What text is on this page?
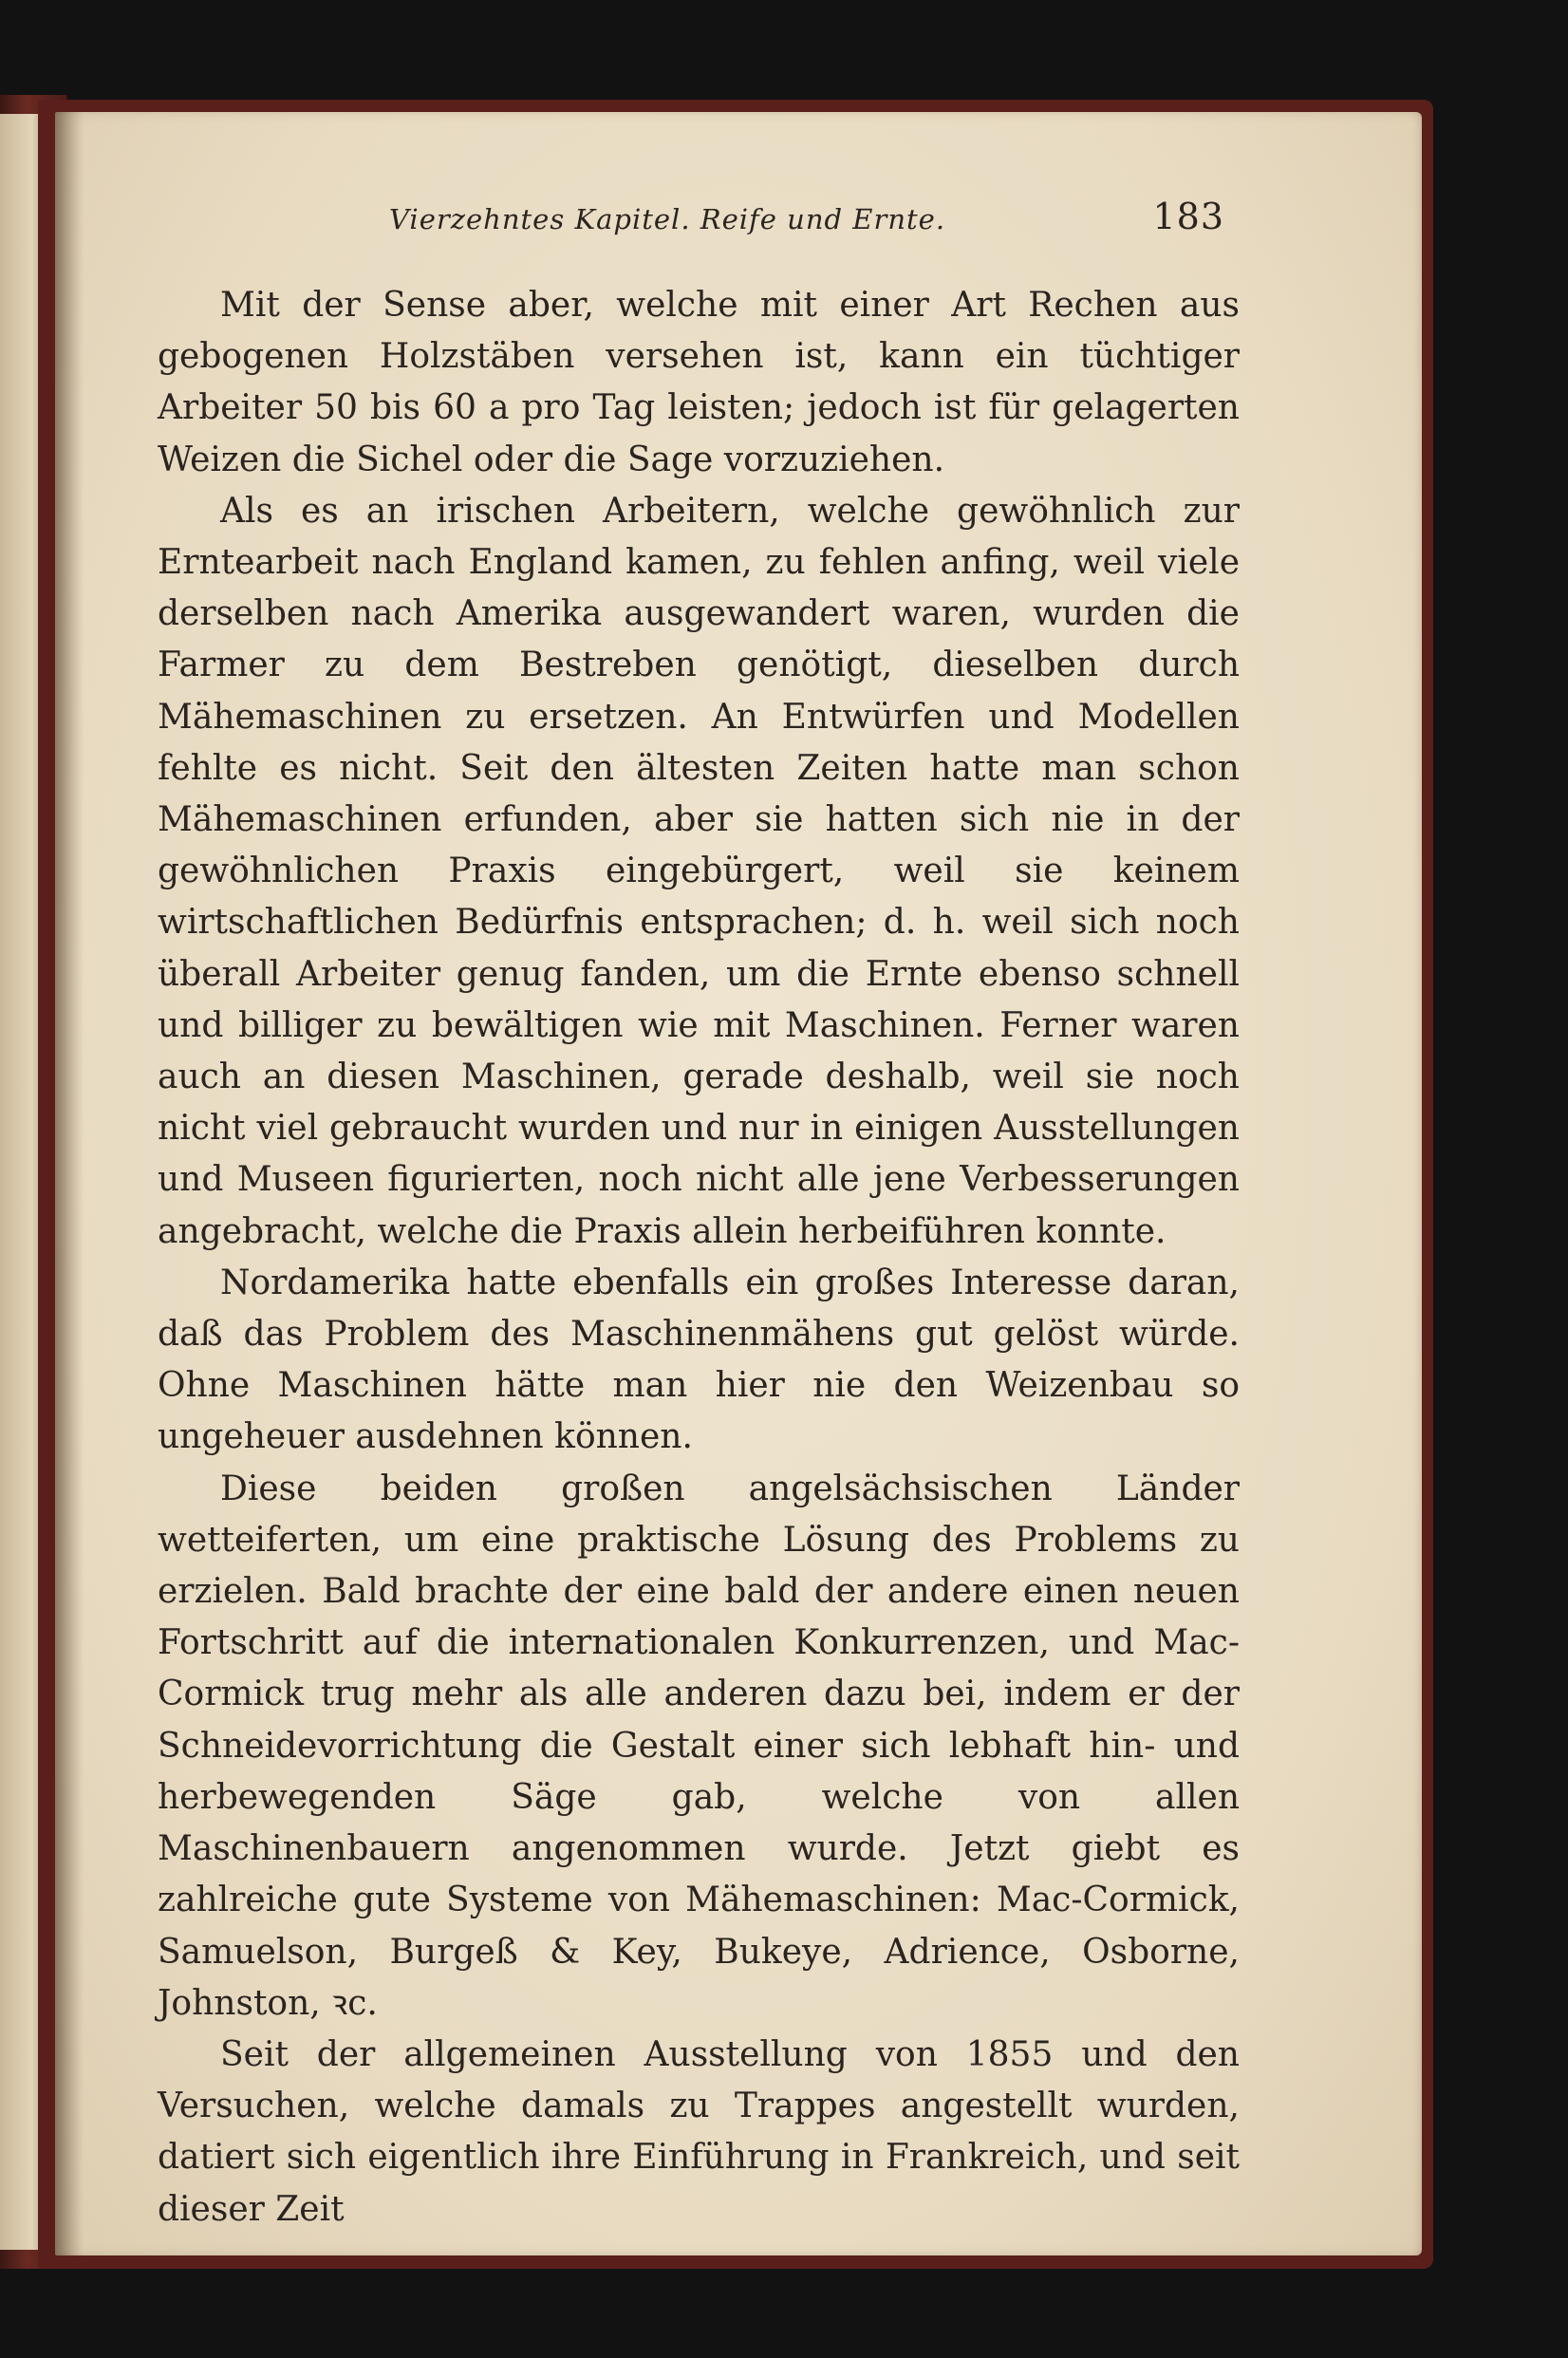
Vierzehntes Kapitel. Reife und Ernte.	183

Mit der Sense aber, welche mit einer Art Rechen aus gebogenen Holzstäben versehen ist, kann ein tüchtiger Arbeiter 50 bis 60 a pro Tag leisten; jedoch ist für gelagerten Weizen die Sichel oder die Sage vorzuziehen.

Als es an irischen Arbeitern, welche gewöhnlich zur Erntearbeit nach England kamen, zu fehlen anfing, weil viele derselben nach Amerika ausgewandert waren, wurden die Farmer zu dem Bestreben genötigt, dieselben durch Mähemaschinen zu ersetzen. An Entwürfen und Modellen fehlte es nicht. Seit den ältesten Zeiten hatte man schon Mähemaschinen erfunden, aber sie hatten sich nie in der gewöhnlichen Praxis eingebürgert, weil sie keinem wirtschaftlichen Bedürfnis entsprachen; d. h. weil sich noch überall Arbeiter genug fanden, um die Ernte ebenso schnell und billiger zu bewältigen wie mit Maschinen. Ferner waren auch an diesen Maschinen, gerade deshalb, weil sie noch nicht viel gebraucht wurden und nur in einigen Ausstellungen und Museen figurierten, noch nicht alle jene Verbesserungen angebracht, welche die Praxis allein herbeiführen konnte.

Nordamerika hatte ebenfalls ein großes Interesse daran, daß das Problem des Maschinenmähens gut gelöst würde. Ohne Maschinen hätte man hier nie den Weizenbau so ungeheuer ausdehnen können.

Diese beiden großen angelsächsischen Länder wetteiferten, um eine praktische Lösung des Problems zu erzielen. Bald brachte der eine bald der andere einen neuen Fortschritt auf die internationalen Konkurrenzen, und Mac-Cormick trug mehr als alle anderen dazu bei, indem er der Schneidevorrichtung die Gestalt einer sich lebhaft hin- und herbewegenden Säge gab, welche von allen Maschinenbauern angenommen wurde. Jetzt giebt es zahlreiche gute Systeme von Mähemaschinen: Mac-Cormick, Samuelson, Burgeß & Key, Bukeye, Adrience, Osborne, Johnston, ꝛc.

Seit der allgemeinen Ausstellung von 1855 und den Versuchen, welche damals zu Trappes angestellt wurden, datiert sich eigentlich ihre Einführung in Frankreich, und seit dieser Zeit
